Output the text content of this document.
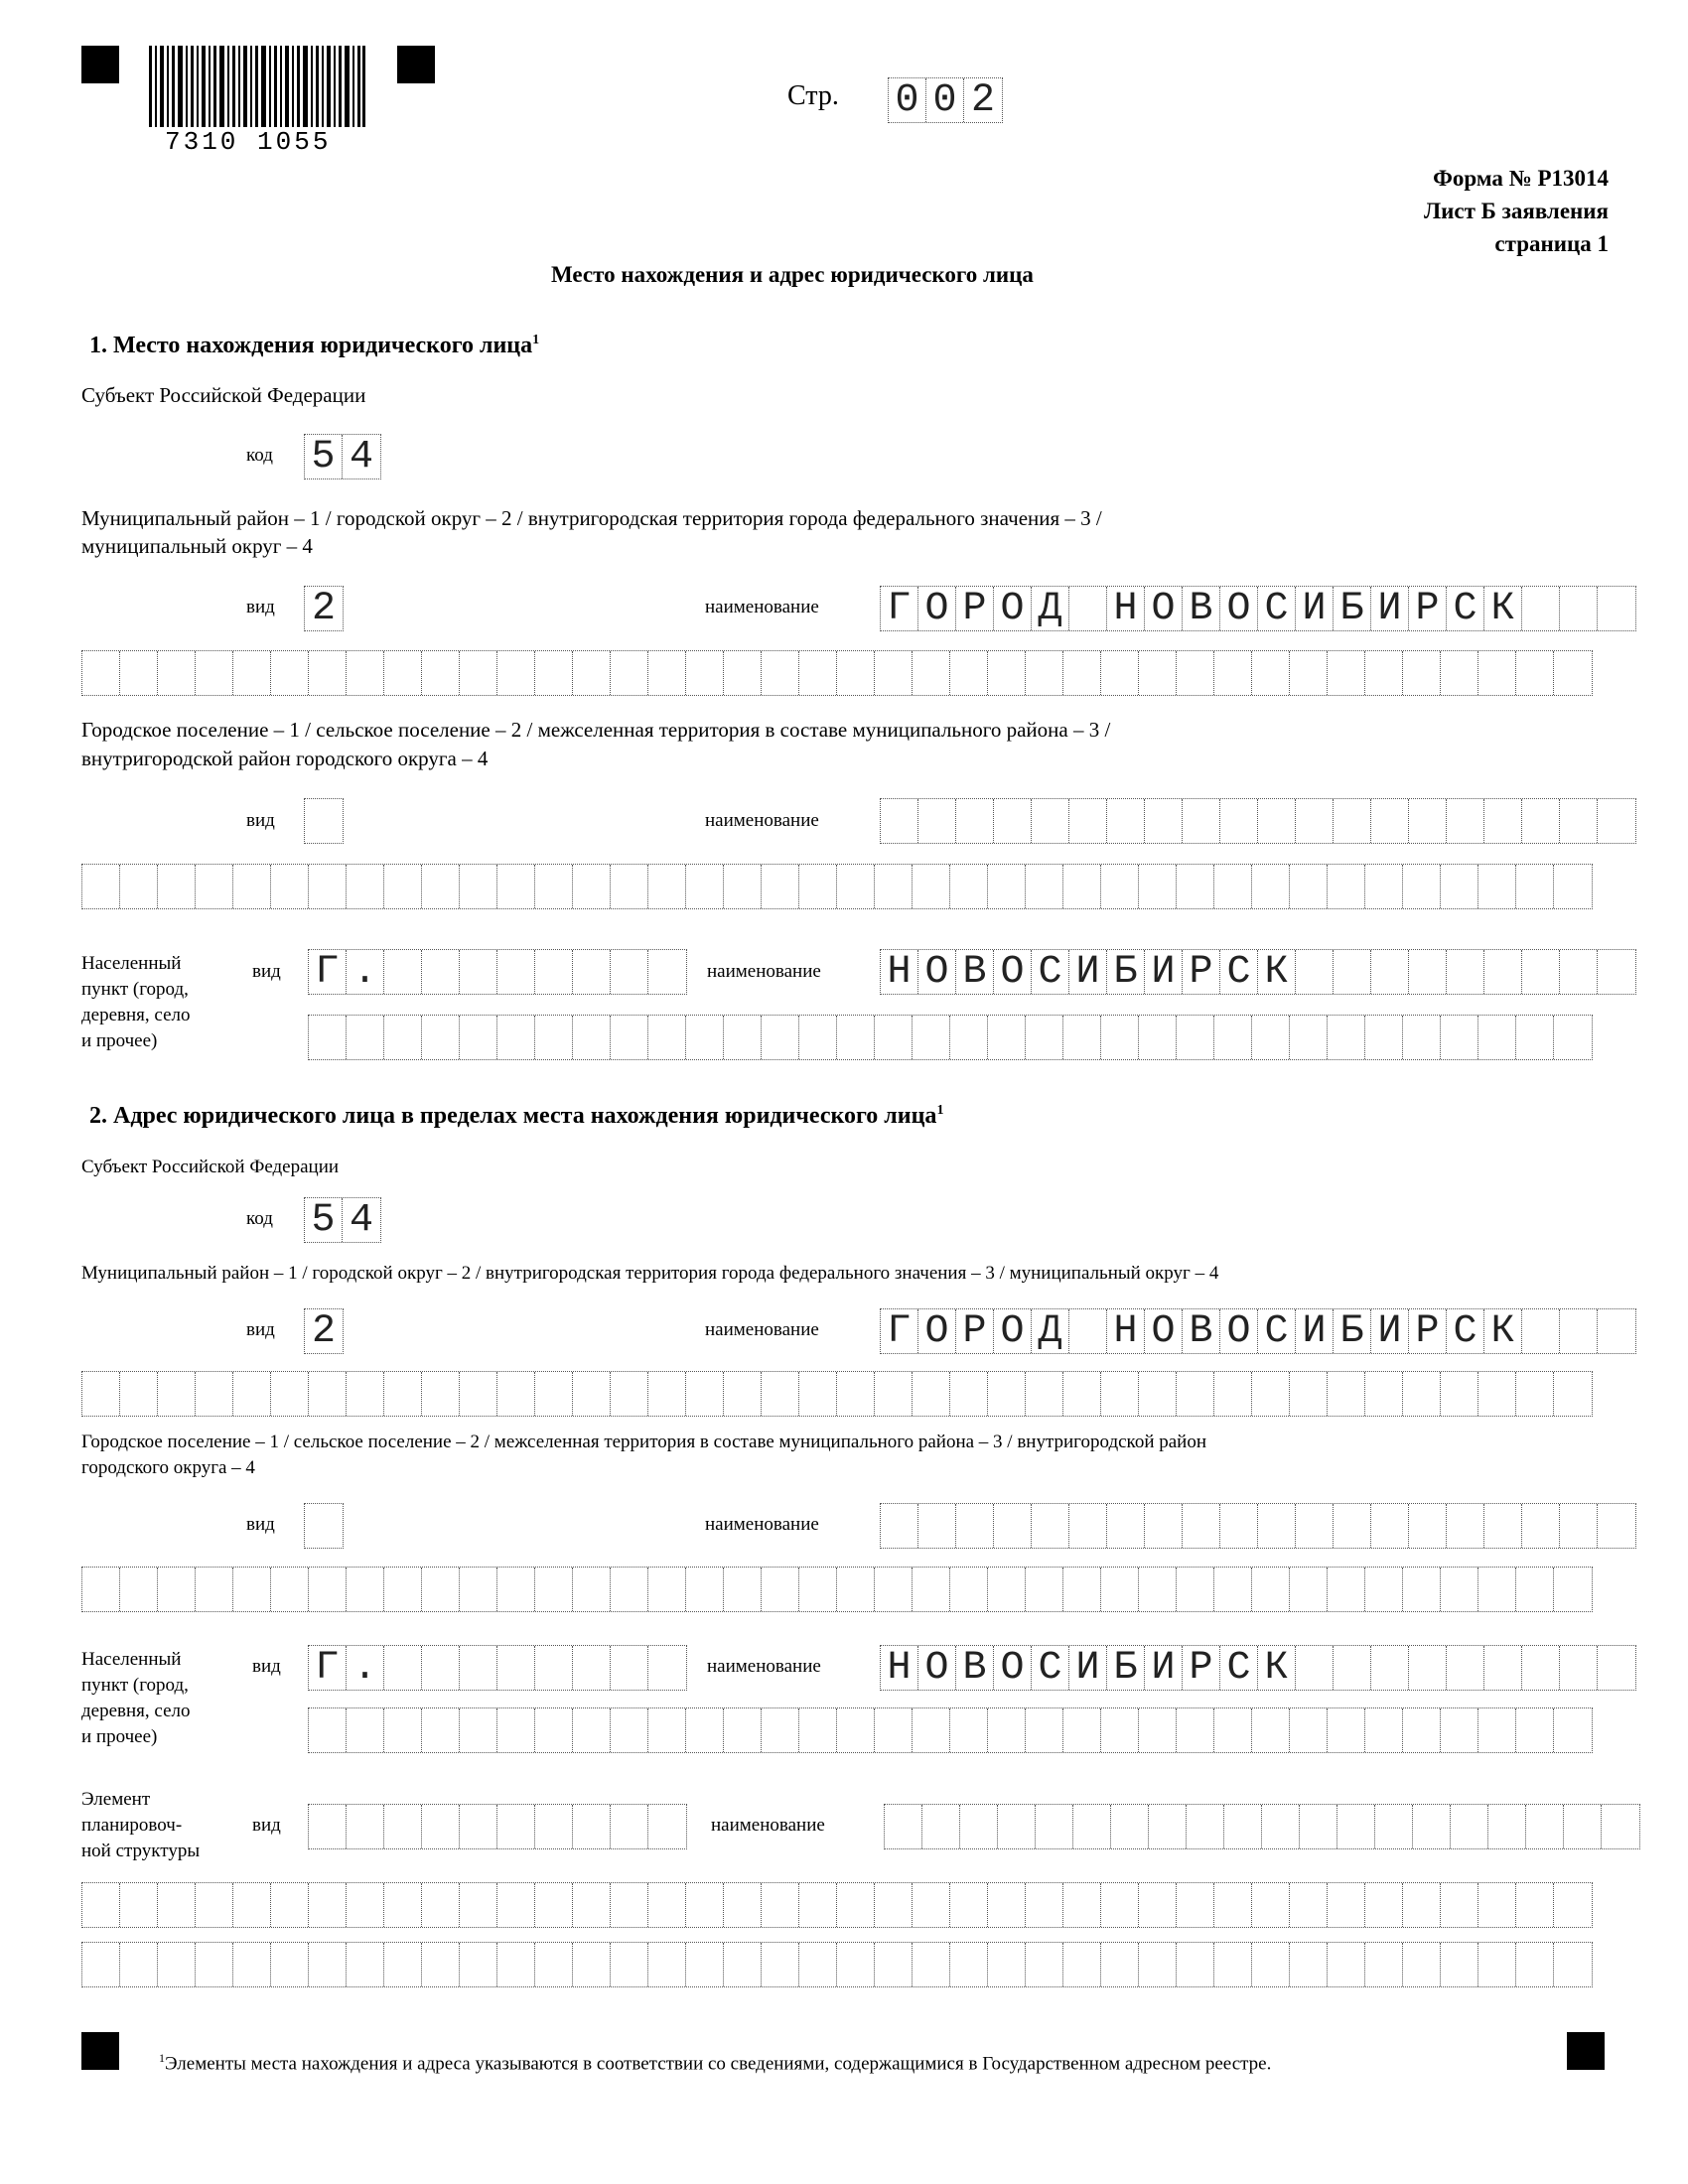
7310 1055
Стр. 0 0 2
Форма № Р13014
Лист Б заявления
страница 1
Место нахождения и адрес юридического лица
1. Место нахождения юридического лица$^1$
Субъект Российской Федерации
код 5 4
Муниципальный район – 1 / городской округ – 2 / внутригородская территория города федерального значения – 3 /
муниципальный округ – 4
вид 2	наименование Г О Р О Д Н О В О С И Б И Р С К
Городское поселение – 1 / сельское поселение – 2 / межселенная территория в составе муниципального района – 3 /
внутригородской район городского округа – 4
вид	наименование
Населенный
пункт (город,
деревня, село
и прочее)
вид Г .	наименование Н О В О С И Б И Р С К
2. Адрес юридического лица в пределах места нахождения юридического лица$^1$
Субъект Российской Федерации
код 5 4
Муниципальный район – 1 / городской округ – 2 / внутригородская территория города федерального значения – 3 / муниципальный округ – 4
вид 2	наименование Г О Р О Д Н О В О С И Б И Р С К
Городское поселение – 1 / сельское поселение – 2 / межселенная территория в составе муниципального района – 3 / внутригородской район
городского округа – 4
вид	наименование
Населенный
пункт (город,
деревня, село
и прочее)
вид Г .	наименование Н О В О С И Б И Р С К
Элемент
планировоч-
ной структуры
вид	наименование
$^1$Элементы места нахождения и адреса указываются в соответствии со сведениями, содержащимися в Государственном адресном реестре.
